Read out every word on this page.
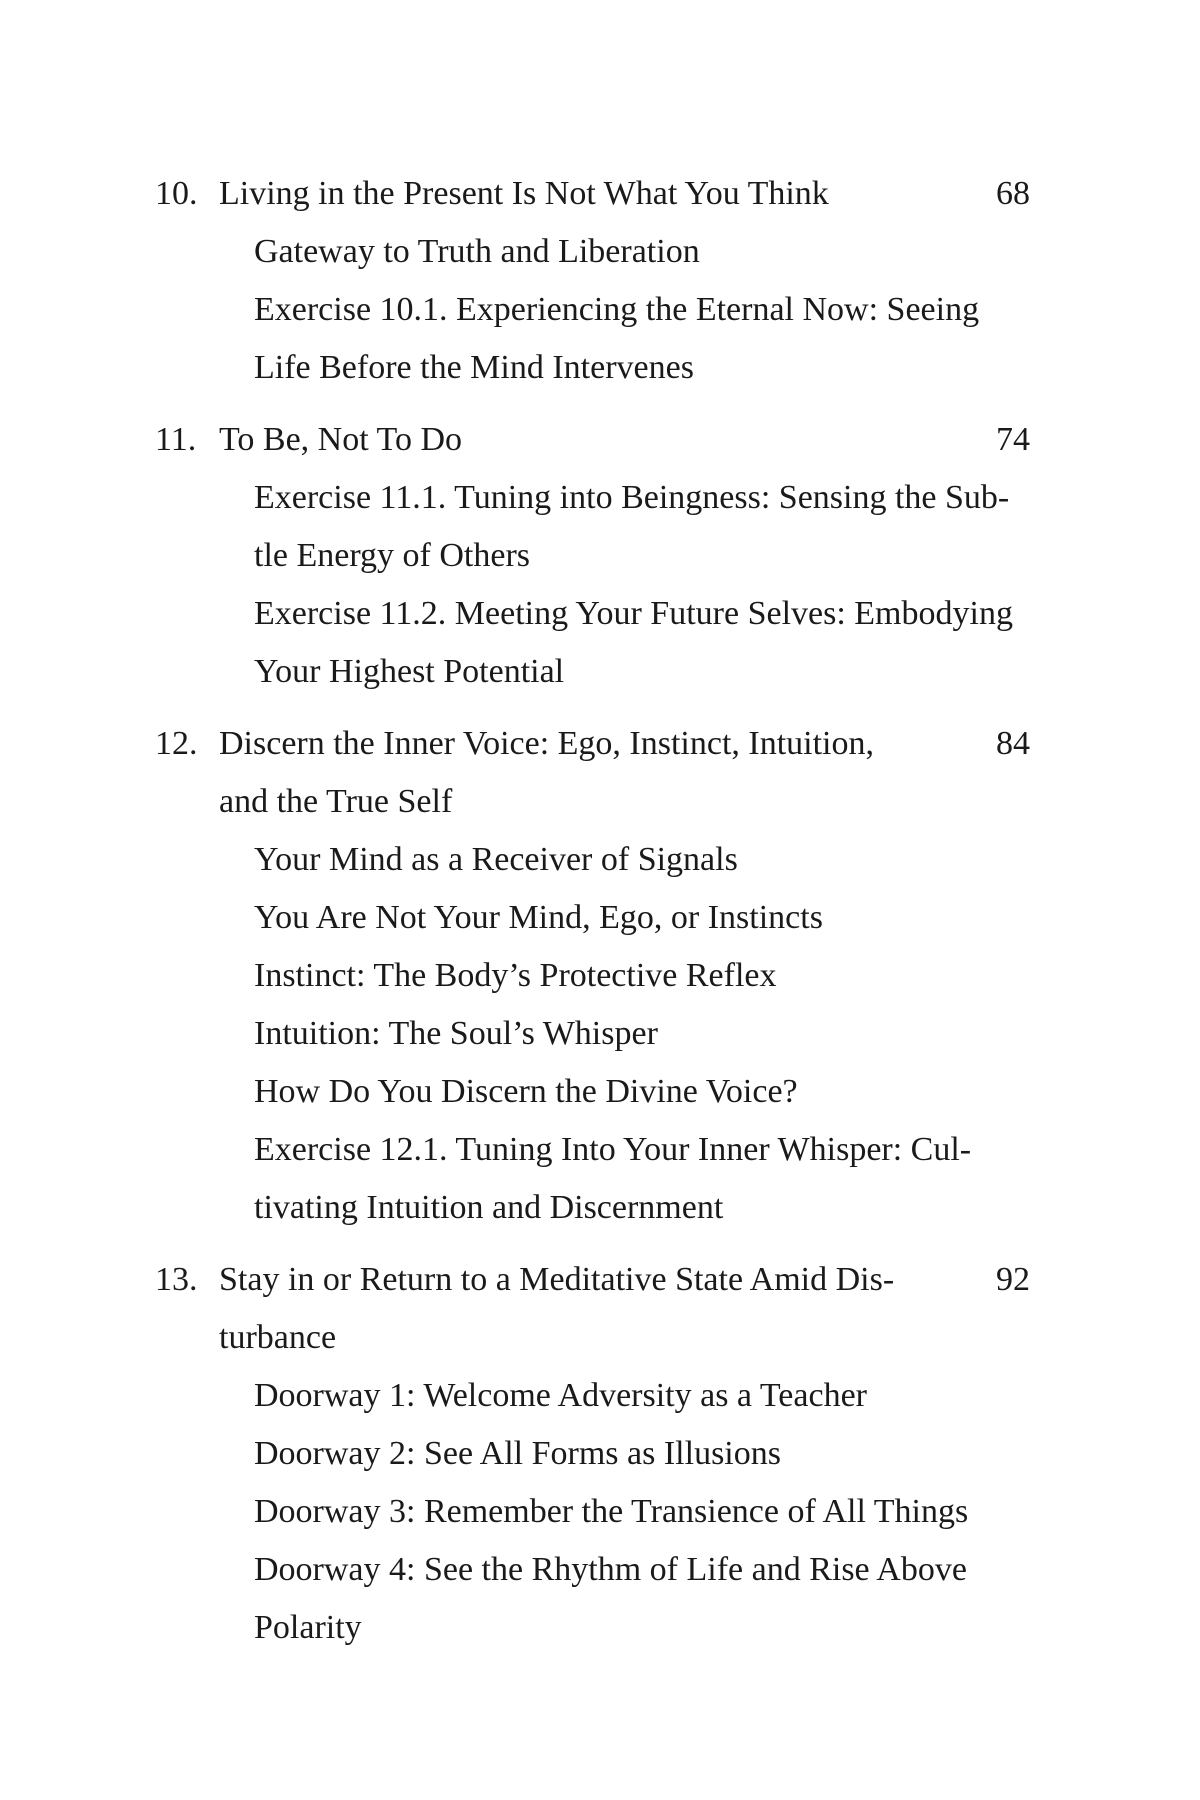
10. Living in the Present Is Not What You Think	68
Gateway to Truth and Liberation
Exercise 10.1. Experiencing the Eternal Now: Seeing
Life Before the Mind Intervenes
11. To Be, Not To Do	74
Exercise 11.1. Tuning into Beingness: Sensing the Sub-
tle Energy of Others
Exercise 11.2. Meeting Your Future Selves: Embodying
Your Highest Potential
12. Discern the Inner Voice: Ego, Instinct, Intuition,	84
and the True Self
Your Mind as a Receiver of Signals
You Are Not Your Mind, Ego, or Instincts
Instinct: The Body’s Protective Reflex
Intuition: The Soul’s Whisper
How Do You Discern the Divine Voice?
Exercise 12.1. Tuning Into Your Inner Whisper: Cul-
tivating Intuition and Discernment
13. Stay in or Return to a Meditative State Amid Dis-	92
turbance
Doorway 1: Welcome Adversity as a Teacher
Doorway 2: See All Forms as Illusions
Doorway 3: Remember the Transience of All Things
Doorway 4: See the Rhythm of Life and Rise Above
Polarity
